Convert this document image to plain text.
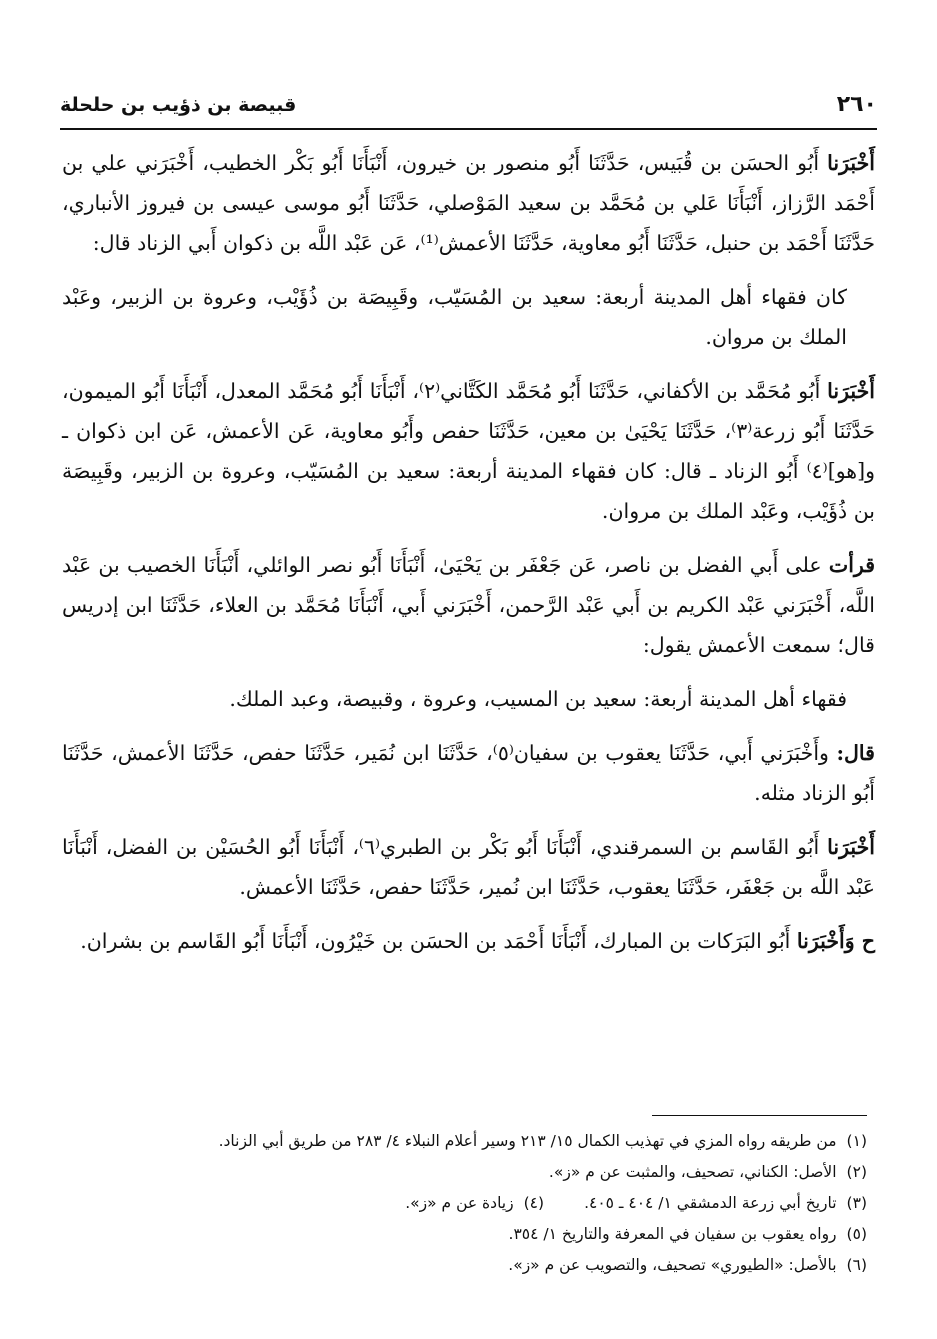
٢٦٠
قبيصة بن ذؤيب بن حلحلة

أَخْبَرَنا أَبُو الحسَن بن قُبَيس، حَدَّثَنَا أَبُو منصور بن خيرون، أَنْبَأَنَا أَبُو بَكْر الخطيب، أَخْبَرَني علي بن أَحْمَد الرَّزاز، أَنْبَأَنَا عَلي بن مُحَمَّد بن سعيد المَوْصلي، حَدَّثَنَا أَبُو موسى عيسى بن فيروز الأنباري، حَدَّثَنَا أَحْمَد بن حنبل، حَدَّثَنَا أَبُو معاوية، حَدَّثَنَا الأعمش⁽¹⁾، عَن عَبْد اللَّه بن ذكوان أَبي الزناد قال:

كان فقهاء أهل المدينة أربعة: سعيد بن المُسَيّب، وقَبِيصَة بن ذُؤَيْب، وعروة بن الزبير، وعَبْد الملك بن مروان.

أَخْبَرَنا أَبُو مُحَمَّد بن الأكفاني، حَدَّثَنَا أَبُو مُحَمَّد الكَتَّاني⁽٢⁾، أَنْبَأَنَا أَبُو مُحَمَّد المعدل، أَنْبَأَنَا أَبُو الميمون، حَدَّثَنَا أَبُو زرعة⁽٣⁾، حَدَّثَنَا يَحْيَىٰ بن معين، حَدَّثَنَا حفص وأَبُو معاوية، عَن الأعمش، عَن ابن ذكوان ـ و[هو]⁽٤⁾ أَبُو الزناد ـ قال: كان فقهاء المدينة أربعة: سعيد بن المُسَيّب، وعروة بن الزبير، وقَبِيصَة بن ذُؤَيْب، وعَبْد الملك بن مروان.

قرأت على أَبي الفضل بن ناصر، عَن جَعْفَر بن يَحْيَىٰ، أَنْبَأَنَا أَبُو نصر الوائلي، أَنْبَأَنَا الخصيب بن عَبْد اللَّه، أَخْبَرَني عَبْد الكريم بن أَبي عَبْد الرَّحمن، أَخْبَرَني أَبي، أَنْبَأَنَا مُحَمَّد بن العلاء، حَدَّثَنَا ابن إدريس قال؛ سمعت الأعمش يقول:

فقهاء أهل المدينة أربعة: سعيد بن المسيب، وعروة ، وقبيصة، وعبد الملك.

قال: وأَخْبَرَني أَبي، حَدَّثَنَا يعقوب بن سفيان⁽٥⁾، حَدَّثَنَا ابن نُمَير، حَدَّثَنَا حفص، حَدَّثَنَا الأعمش، حَدَّثَنَا أَبُو الزناد مثله.

أَخْبَرَنا أَبُو القَاسم بن السمرقندي، أَنْبَأَنَا أَبُو بَكْر بن الطبري⁽٦⁾، أَنْبَأَنَا أَبُو الحُسَيْن بن الفضل، أَنْبَأَنَا عَبْد اللَّه بن جَعْفَر، حَدَّثَنَا يعقوب، حَدَّثَنَا ابن نُمير، حَدَّثَنَا حفص، حَدَّثَنَا الأعمش.

ح وَأَخْبَرَنا أَبُو البَرَكات بن المبارك، أَنْبَأَنَا أَحْمَد بن الحسَن بن خَيْرُون، أَنْبَأَنَا أَبُو القَاسم بن بشران.

(١)
من طريقه رواه المزي في تهذيب الكمال ١٥/ ٢١٣ وسير أعلام النبلاء ٤/ ٢٨٣ من طريق أبي الزناد.
(٢)
الأصل: الكناني، تصحيف، والمثبت عن م «ز».
(٣)
تاريخ أبي زرعة الدمشقي ١/ ٤٠٤ ـ ٤٠٥.
(٤)
زيادة عن م «ز».
(٥)
رواه يعقوب بن سفيان في المعرفة والتاريخ ١/ ٣٥٤.
(٦)
بالأصل: «الطيوري» تصحيف، والتصويب عن م «ز».
